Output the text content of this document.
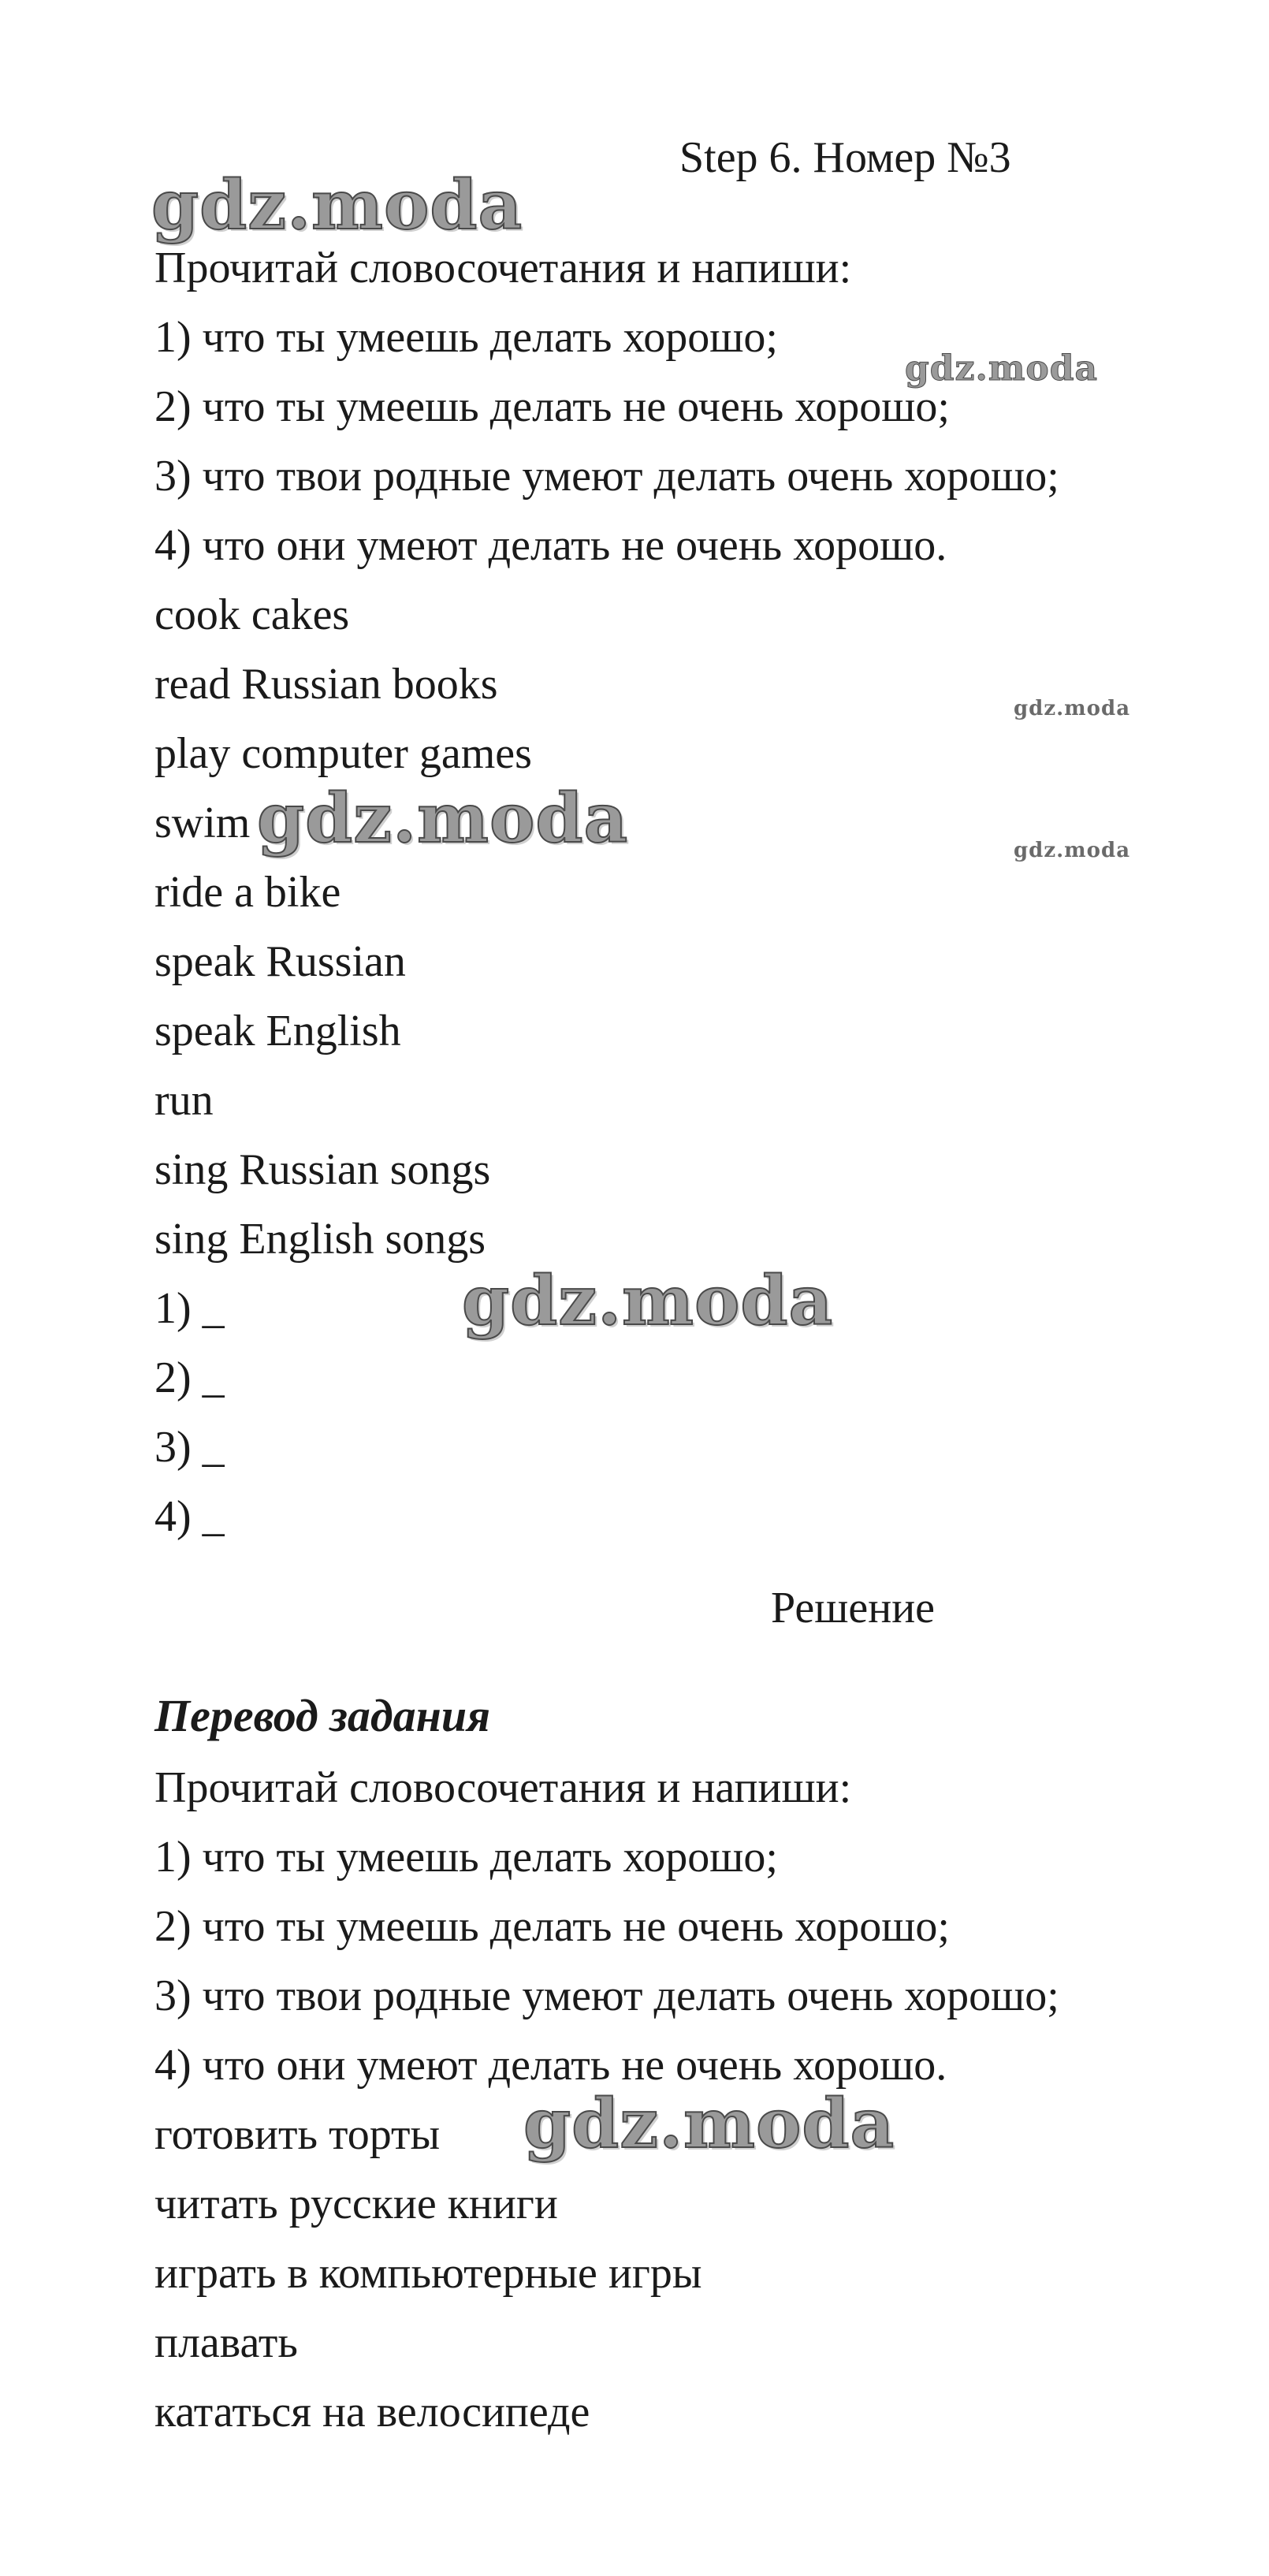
Step 6. Номер №3
Прочитай словосочетания и напиши:
1) что ты умеешь делать хорошо;
2) что ты умеешь делать не очень хорошо;
3) что твои родные умеют делать очень хорошо;
4) что они умеют делать не очень хорошо.
cook cakes
read Russian books
play computer games
swim
ride a bike
speak Russian
speak English
run
sing Russian songs
sing English songs
1) _
2) _
3) _
4) _
Решение
Перевод задания
Прочитай словосочетания и напиши:
1) что ты умеешь делать хорошо;
2) что ты умеешь делать не очень хорошо;
3) что твои родные умеют делать очень хорошо;
4) что они умеют делать не очень хорошо.
готовить торты
читать русские книги
играть в компьютерные игры
плавать
кататься на велосипеде
gdz.moda
gdz.moda
gdz.moda
gdz.moda	gdz.moda
gdz.moda
gdz.moda
